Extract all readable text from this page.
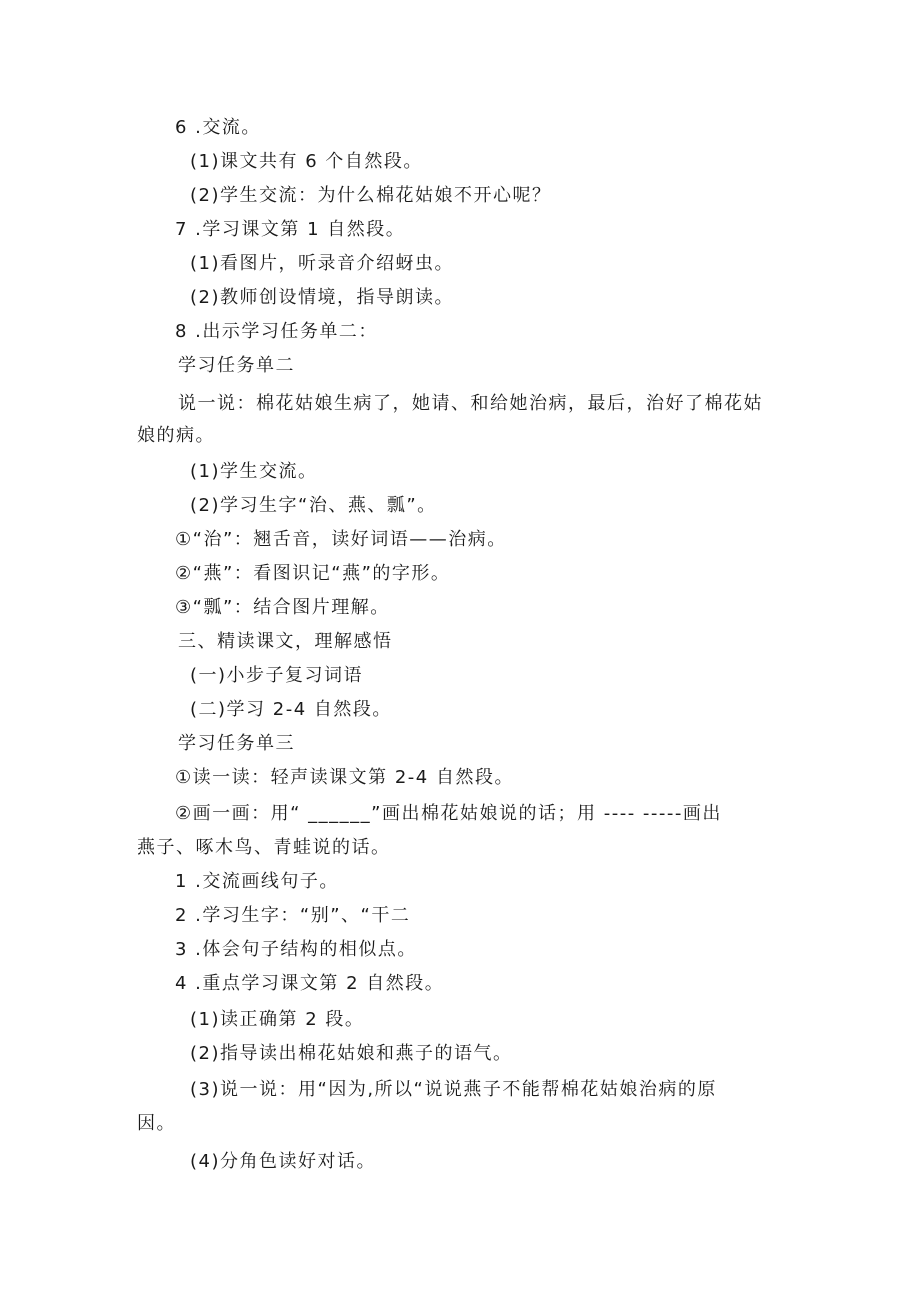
6 .交流。
(1)课文共有 6 个自然段。
(2)学生交流：为什么棉花姑娘不开心呢？
7 .学习课文第 1 自然段。
(1)看图片，听录音介绍蚜虫。
(2)教师创设情境，指导朗读。
8 .出示学习任务单二：
学习任务单二
说一说：棉花姑娘生病了，她请、和给她治病，最后，治好了棉花姑
娘的病。
(1)学生交流。
(2)学习生字“治、燕、瓢”。
①“治”：翘舌音，读好词语——治病。
②“燕”：看图识记“燕”的字形。
③“瓢”：结合图片理解。
三、精读课文，理解感悟
(一)小步子复习词语
(二)学习 2-4 自然段。
学习任务单三
①读一读：轻声读课文第 2-4 自然段。
②画一画：用“ ______”画出棉花姑娘说的话；用 ---- -----画出
燕子、啄木鸟、青蛙说的话。
1 .交流画线句子。
2 .学习生字：“别”、“干二
3 .体会句子结构的相似点。
4 .重点学习课文第 2 自然段。
(1)读正确第 2 段。
(2)指导读出棉花姑娘和燕子的语气。
(3)说一说：用“因为,所以“说说燕子不能帮棉花姑娘治病的原
因。
(4)分角色读好对话。
